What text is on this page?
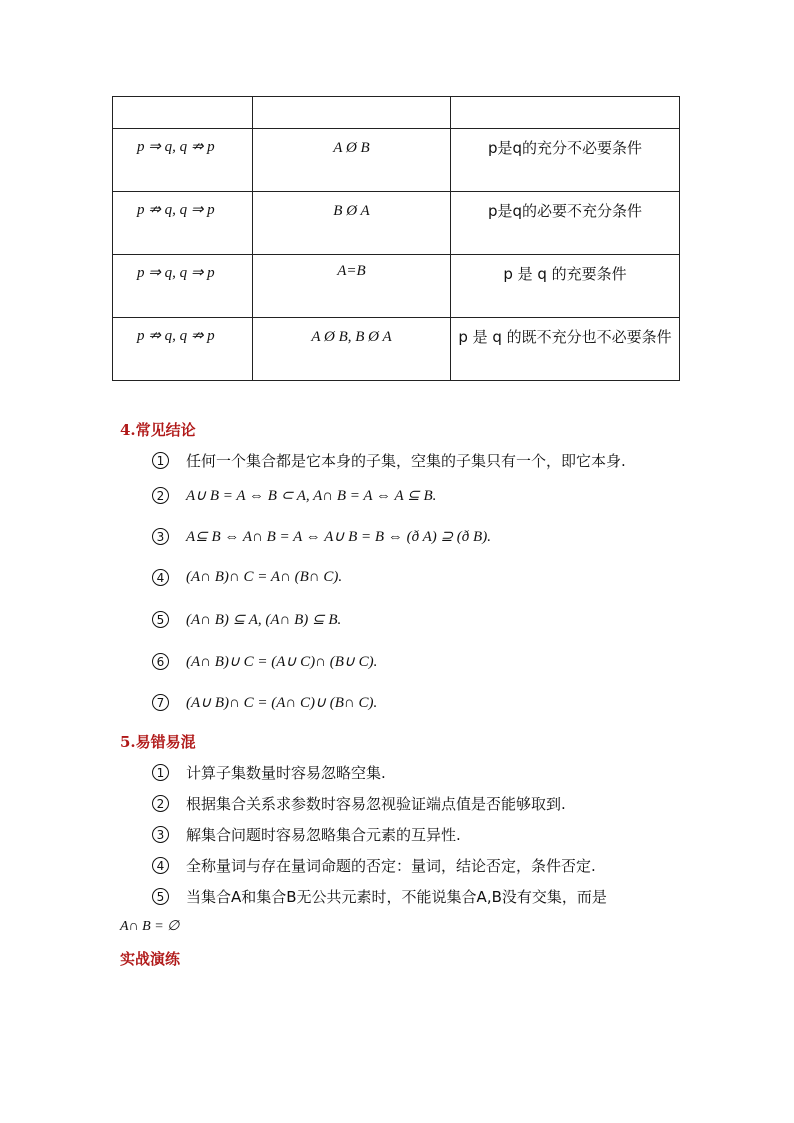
p ⇒ q, q ⇏ p	A Ø B	p是q的充分不必要条件

p ⇏ q, q ⇒ p	B Ø A	p是q的必要不充分条件

p ⇒ q, q ⇒ p	A=B	p 是 q 的充要条件

p ⇏ q, q ⇏ p	A Ø B, B Ø A	p 是 q 的既不充分也不必要条件
4.常见结论
1	任何一个集合都是它本身的子集，空集的子集只有一个，即它本身.
2	A∪ B = A ⇔ B ⊂ A, A∩ B = A ⇔ A ⊆ B.
3	A⊆ B ⇔ A∩ B = A ⇔ A∪ B = B ⇔ (ð A) ⊇ (ð B).
4	(A∩ B)∩ C = A∩ (B∩ C).
5	(A∩ B) ⊆ A, (A∩ B) ⊆ B.
6	(A∩ B)∪ C = (A∪ C)∩ (B∪ C).
7	(A∪ B)∩ C = (A∩ C)∪ (B∩ C).
5.易错易混
1	计算子集数量时容易忽略空集.
2	根据集合关系求参数时容易忽视验证端点值是否能够取到.
3	解集合问题时容易忽略集合元素的互异性.
4	全称量词与存在量词命题的否定：量词，结论否定，条件否定.
5	当集合A和集合B无公共元素时，不能说集合A,B没有交集，而是
A∩ B = ∅
实战演练
